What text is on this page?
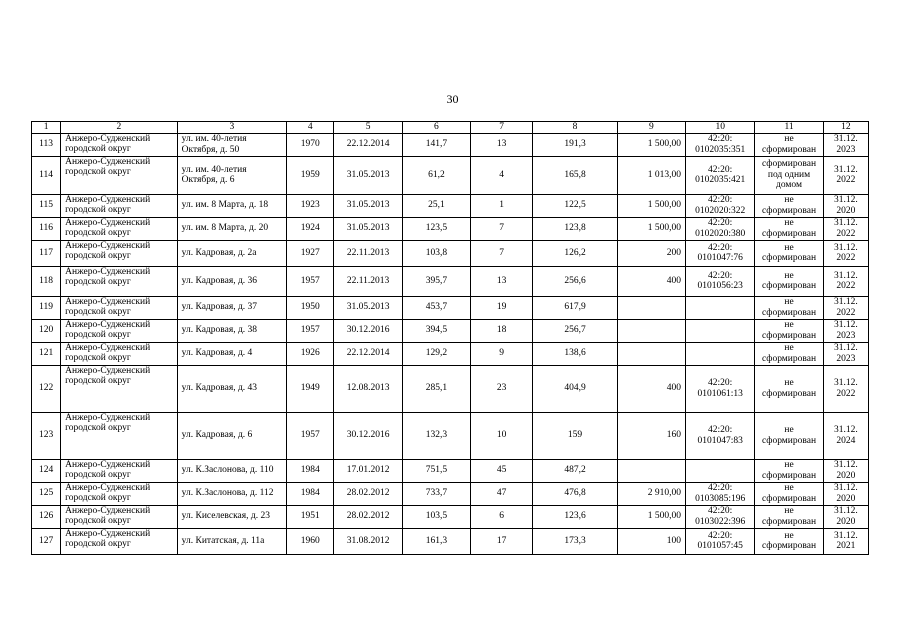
30
1	2	3	4	5	6	7	8	9	10	11	12
113	Анжеро-Судженский городской округ	ул. им. 40-летия Октября, д. 50	1970	22.12.2014	141,7	13	191,3	1 500,00	42:20: 0102035:351	не сформирован	31.12. 2023
114	Анжеро-Судженский городской округ	ул. им. 40-летия Октября, д. 6	1959	31.05.2013	61,2	4	165,8	1 013,00	42:20: 0102035:421	сформирован под одним домом	31.12. 2022
115	Анжеро-Судженский городской округ	ул. им. 8 Марта, д. 18	1923	31.05.2013	25,1	1	122,5	1 500,00	42:20: 0102020:322	не сформирован	31.12. 2020
116	Анжеро-Судженский городской округ	ул. им. 8 Марта, д. 20	1924	31.05.2013	123,5	7	123,8	1 500,00	42:20: 0102020:380	не сформирован	31.12. 2022
117	Анжеро-Судженский городской округ	ул. Кадровая, д. 2а	1927	22.11.2013	103,8	7	126,2	200	42:20: 0101047:76	не сформирован	31.12. 2022
118	Анжеро-Судженский городской округ	ул. Кадровая, д. 36	1957	22.11.2013	395,7	13	256,6	400	42:20: 0101056:23	не сформирован	31.12. 2022
119	Анжеро-Судженский городской округ	ул. Кадровая, д. 37	1950	31.05.2013	453,7	19	617,9			не сформирован	31.12. 2022
120	Анжеро-Судженский городской округ	ул. Кадровая, д. 38	1957	30.12.2016	394,5	18	256,7			не сформирован	31.12. 2023
121	Анжеро-Судженский городской округ	ул. Кадровая, д. 4	1926	22.12.2014	129,2	9	138,6			не сформирован	31.12. 2023
122	Анжеро-Судженский городской округ	ул. Кадровая, д. 43	1949	12.08.2013	285,1	23	404,9	400	42:20: 0101061:13	не сформирован	31.12. 2022
123	Анжеро-Судженский городской округ	ул. Кадровая, д. 6	1957	30.12.2016	132,3	10	159	160	42:20: 0101047:83	не сформирован	31.12. 2024
124	Анжеро-Судженский городской округ	ул. К.Заслонова, д. 110	1984	17.01.2012	751,5	45	487,2			не сформирован	31.12. 2020
125	Анжеро-Судженский городской округ	ул. К.Заслонова, д. 112	1984	28.02.2012	733,7	47	476,8	2 910,00	42:20: 0103085:196	не сформирован	31.12. 2020
126	Анжеро-Судженский городской округ	ул. Киселевская, д. 23	1951	28.02.2012	103,5	6	123,6	1 500,00	42:20: 0103022:396	не сформирован	31.12. 2020
127	Анжеро-Судженский городской округ	ул. Китатская, д. 11а	1960	31.08.2012	161,3	17	173,3	100	42:20: 0101057:45	не сформирован	31.12. 2021
